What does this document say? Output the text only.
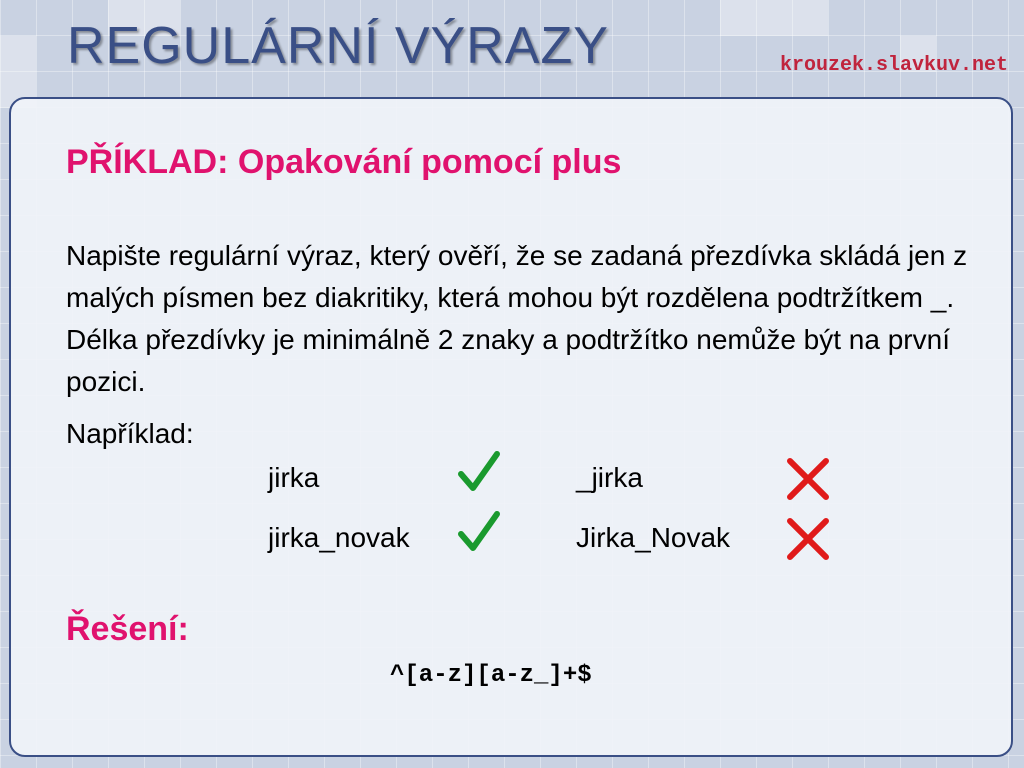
REGULÁRNÍ VÝRAZY	krouzek.slavkuv.net
PŘÍKLAD: Opakování pomocí plus

Napište regulární výraz, který ověří, že se zadaná přezdívka skládá jen z malých písmen bez diakritiky, která mohou být rozdělena podtržítkem _. Délka přezdívky je minimálně 2 znaky a podtržítko nemůže být na první pozici.

Například:
jirka	_jirka
jirka_novak	Jirka_Novak
Řešení:
^[a-z][a-z_]+$
